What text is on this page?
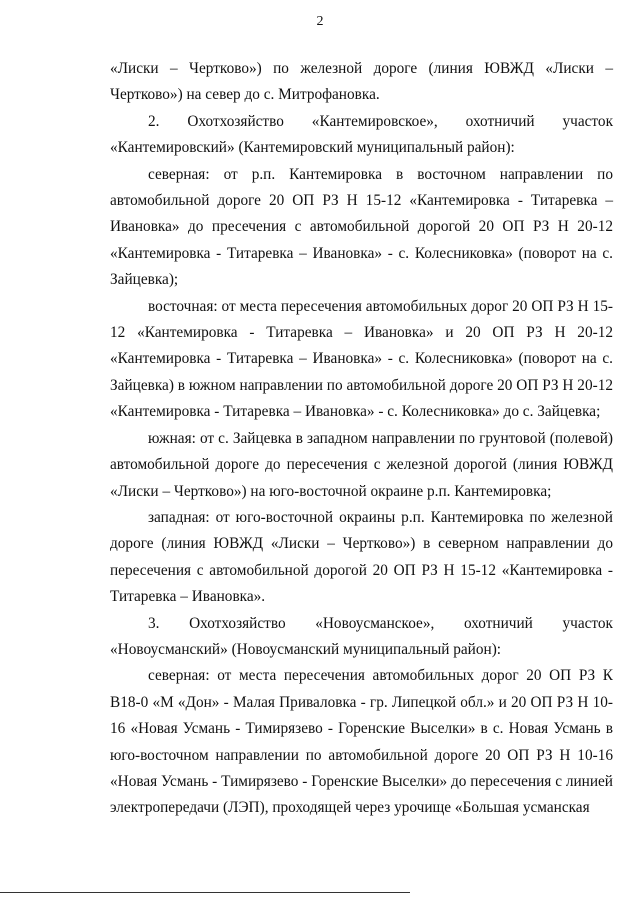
2

«Лиски – Чертково») по железной дороге (линия ЮВЖД «Лиски – Чертково») на север до с. Митрофановка.

2. Охотхозяйство «Кантемировское», охотничий участок «Кантемировский» (Кантемировский муниципальный район):

северная: от р.п. Кантемировка в восточном направлении по автомобильной дороге 20 ОП РЗ Н 15-12 «Кантемировка - Титаревка – Ивановка» до пресечения с автомобильной дорогой 20 ОП РЗ Н 20-12 «Кантемировка - Титаревка – Ивановка» - с. Колесниковка» (поворот на с. Зайцевка);

восточная: от места пересечения автомобильных дорог 20 ОП РЗ Н 15-12 «Кантемировка - Титаревка – Ивановка» и 20 ОП РЗ Н 20-12 «Кантемировка - Титаревка – Ивановка» - с. Колесниковка» (поворот на с. Зайцевка) в южном направлении по автомобильной дороге 20 ОП РЗ Н 20-12 «Кантемировка - Титаревка – Ивановка» - с. Колесниковка» до с. Зайцевка;

южная: от с. Зайцевка в западном направлении по грунтовой (полевой) автомобильной дороге до пересечения с железной дорогой (линия ЮВЖД «Лиски – Чертково») на юго-восточной окраине р.п. Кантемировка;

западная: от юго-восточной окраины р.п. Кантемировка по железной дороге (линия ЮВЖД «Лиски – Чертково») в северном направлении до пересечения с автомобильной дорогой 20 ОП РЗ Н 15-12 «Кантемировка - Титаревка – Ивановка».

3. Охотхозяйство «Новоусманское», охотничий участок «Новоусманский» (Новоусманский муниципальный район):

северная: от места пересечения автомобильных дорог 20 ОП РЗ К В18-0 «М «Дон» - Малая Приваловка - гр. Липецкой обл.» и 20 ОП РЗ Н 10-16 «Новая Усмань - Тимирязево - Горенские Выселки» в с. Новая Усмань в юго-восточном направлении по автомобильной дороге 20 ОП РЗ Н 10-16 «Новая Усмань - Тимирязево - Горенские Выселки» до пересечения с линией электропередачи (ЛЭП), проходящей через урочище «Большая усманская
